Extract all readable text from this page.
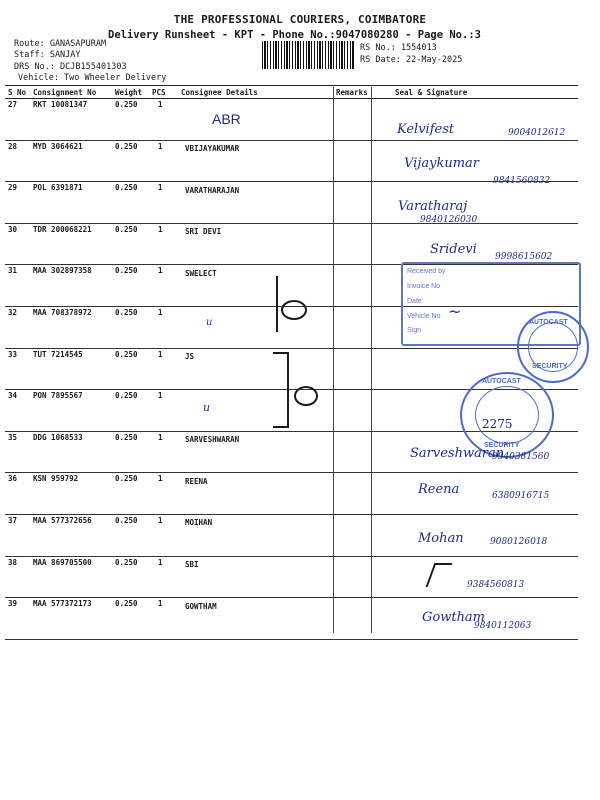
THE PROFESSIONAL COURIERS, COIMBATORE
Delivery Runsheet - KPT - Phone No.:9047080280 - Page No.:3
Route: GANASAPURAM
Staff: SANJAY
DRS No.: DCJB155401303
Vehicle: Two Wheeler Delivery
RS No.: 1554013
RS Date: 22-May-2025
S No Consignment No	Weight PCS Consignee Details	Remarks	Seal & Signature
27 RKT 10081347	0.250	1
28 MYD 3064621	0.250	1	VBIJAYAKUMAR
29 POL 6391871	0.250	1	VARATHARAJAN
30 TDR 200068221	0.250	1	SRI DEVI
31 MAA 302897358	0.250	1	SWELECT
32 MAA 708378972	0.250	1
33 TUT 7214545	0.250	1	JS
34 PON 7895567	0.250	1
35 DDG 1068533	0.250	1	SARVESHWARAN
36 KSN 959792	0.250	1	REENA
37 MAA 577372656	0.250	1	MOIHAN
38 MAA 869705500	0.250	1	SBI
39 MAA 577372173	0.250	1	GOWTHAM
ABR
Kelvifest	9004012612
Vijaykumar
9841560832
Varatharaj
9840126030
Sridevi 9998615602
Received by
Invoice No
Date
Vehicle No
Sign
~
AUTOCAST
SECURITY
AUTOCAST
SECURITY
2275
u
u
Sarveshwaran
9940381560
Reena	6380916715
Mohan	9080126018
9384560813
Gowtham
9840112063
